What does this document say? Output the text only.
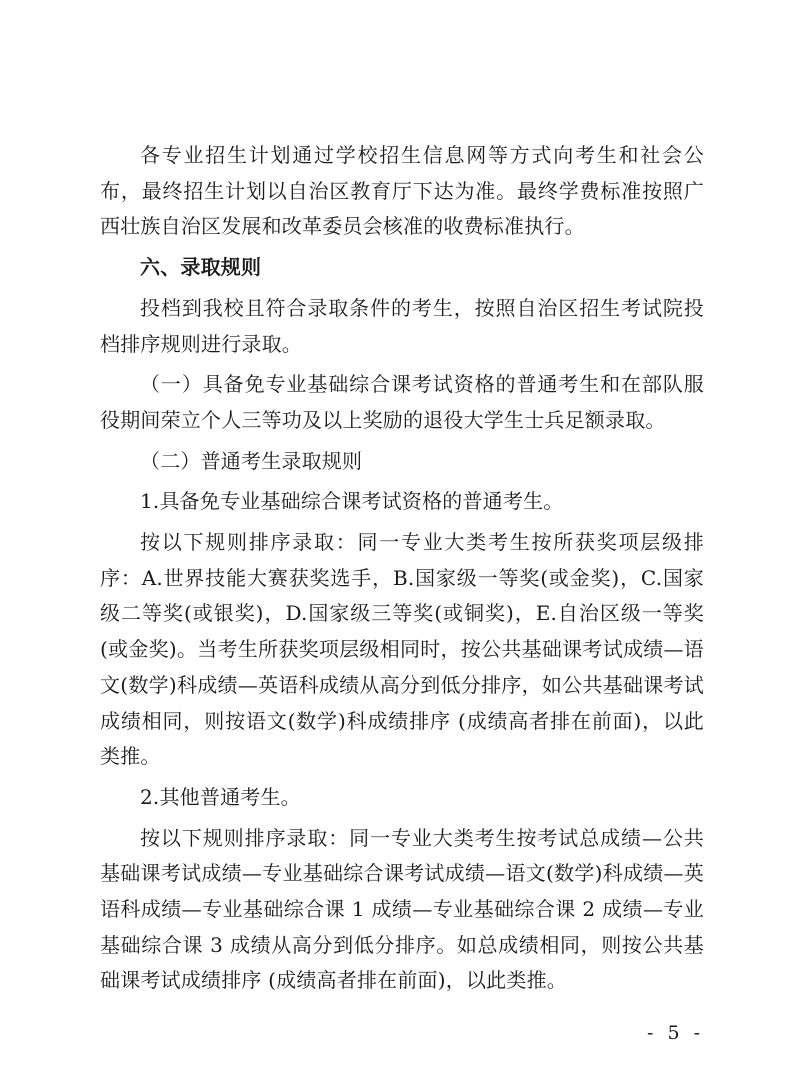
各专业招生计划通过学校招生信息网等方式向考生和社会公布，最终招生计划以自治区教育厅下达为准。最终学费标准按照广西壮族自治区发展和改革委员会核准的收费标准执行。

六、录取规则

投档到我校且符合录取条件的考生，按照自治区招生考试院投档排序规则进行录取。

（一）具备免专业基础综合课考试资格的普通考生和在部队服役期间荣立个人三等功及以上奖励的退役大学生士兵足额录取。

（二）普通考生录取规则

1.具备免专业基础综合课考试资格的普通考生。

按以下规则排序录取：同一专业大类考生按所获奖项层级排序：A.世界技能大赛获奖选手，B.国家级一等奖(或金奖)，C.国家级二等奖(或银奖)，D.国家级三等奖(或铜奖)，E.自治区级一等奖(或金奖)。当考生所获奖项层级相同时，按公共基础课考试成绩—语文(数学)科成绩—英语科成绩从高分到低分排序，如公共基础课考试成绩相同，则按语文(数学)科成绩排序 (成绩高者排在前面)，以此类推。

2.其他普通考生。

按以下规则排序录取：同一专业大类考生按考试总成绩—公共基础课考试成绩—专业基础综合课考试成绩—语文(数学)科成绩—英语科成绩—专业基础综合课 1 成绩—专业基础综合课 2 成绩—专业基础综合课 3 成绩从高分到低分排序。如总成绩相同，则按公共基础课考试成绩排序 (成绩高者排在前面)，以此类推。

- 5 -
